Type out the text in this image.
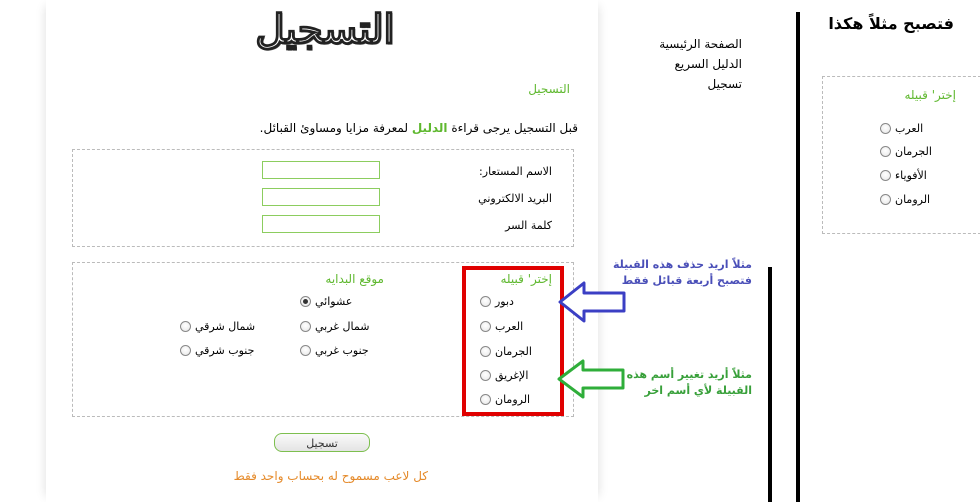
التسجيل	الصفحة الرئيسية
الدليل السريع
تسجيل
التسجيل
قبل التسجيل يرجى قراءة الدليل لمعرفة مزايا ومساوئ القبائل.
الاسم المستعار:
البريد الالكتروني
كلمة السر
إختر' قبيله
دبور
العرب
الجرمان
الإغريق
الرومان
موقع البدايه
عشوائي
شمال غربي
شمال شرقي
جنوب غربي
جنوب شرقي
تسجيل
كل لاعب مسموح له بحساب واحد فقط
مثلاً اريد حذف هذه القبيلة
فتصبح أربعة قبائل فقط
مثلاً أريد تغيير أسم هذه
القبيلة لأي أسم اخر
فتصبح مثلاً هكذا
إختر' قبيله
العرب
الجرمان
الأفوياء
الرومان
